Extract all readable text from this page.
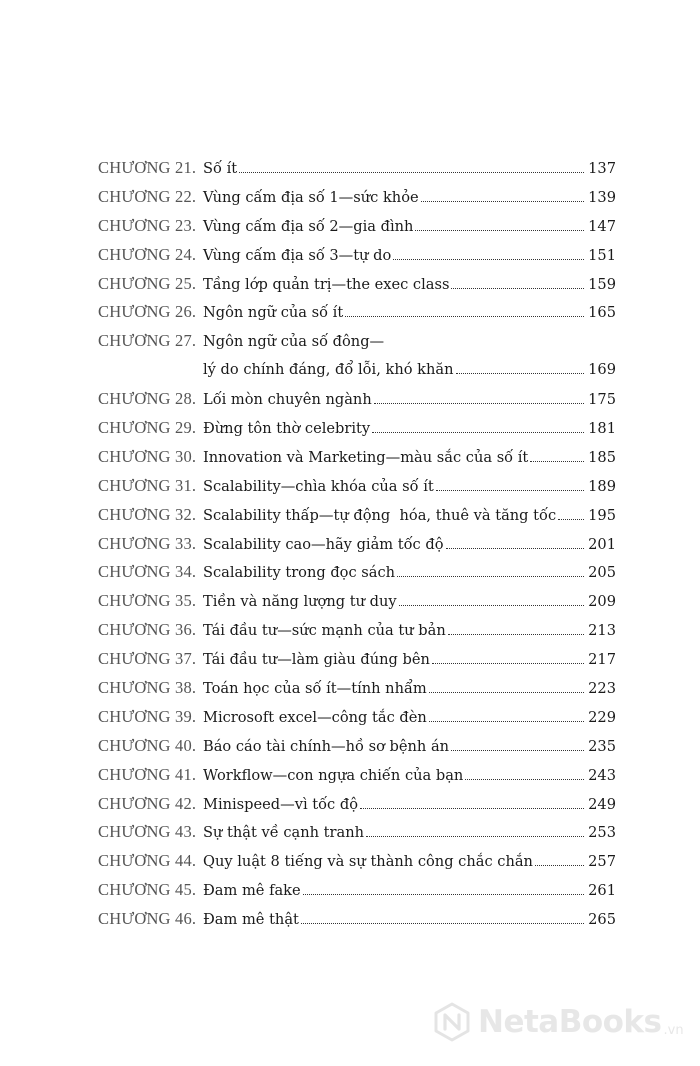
CHƯƠNG 21. Số ít	137
CHƯƠNG 22. Vùng cấm địa số 1—sức khỏe	139
CHƯƠNG 23. Vùng cấm địa số 2—gia đình	147
CHƯƠNG 24. Vùng cấm địa số 3—tự do	151
CHƯƠNG 25. Tầng lớp quản trị—the exec class	159
CHƯƠNG 26. Ngôn ngữ của số ít	165
CHƯƠNG 27. Ngôn ngữ của số đông—
lý do chính đáng, đổ lỗi, khó khăn	169
CHƯƠNG 28. Lối mòn chuyên ngành	175
CHƯƠNG 29. Đừng tôn thờ celebrity	181
CHƯƠNG 30. Innovation và Marketing—màu sắc của số ít	185
CHƯƠNG 31. Scalability—chìa khóa của số ít	189
CHƯƠNG 32. Scalability thấp—tự động  hóa, thuê và tăng tốc 195
CHƯƠNG 33. Scalability cao—hãy giảm tốc độ	201
CHƯƠNG 34. Scalability trong đọc sách	205
CHƯƠNG 35. Tiền và năng lượng tư duy	209
CHƯƠNG 36. Tái đầu tư—sức mạnh của tư bản	213
CHƯƠNG 37. Tái đầu tư—làm giàu đúng bên	217
CHƯƠNG 38. Toán học của số ít—tính nhẩm	223
CHƯƠNG 39. Microsoft excel—công tắc đèn	229
CHƯƠNG 40. Báo cáo tài chính—hồ sơ bệnh án	235
CHƯƠNG 41. Workflow—con ngựa chiến của bạn	243
CHƯƠNG 42. Minispeed—vì tốc độ	249
CHƯƠNG 43. Sự thật về cạnh tranh	253
CHƯƠNG 44. Quy luật 8 tiếng và sự thành công chắc chắn	257
CHƯƠNG 45. Đam mê fake	261
CHƯƠNG 46. Đam mê thật	265
NetaBooks .vn
